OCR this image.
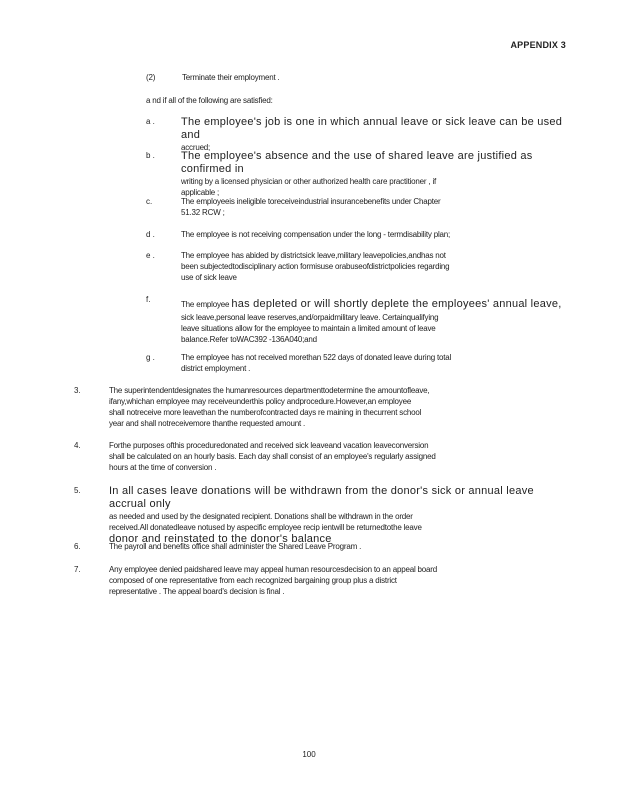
APPENDIX 3
(2)	Terminate their employment .
a nd if all of the following are satisfied:
a .	The employee's job is one in which annual leave or sick leave can be used and
accrued;
b .	The employee's absence and the use of shared leave are justified as confirmed in
writing by a licensed physician or other authorized health care practitioner , if
applicable ;
c.	The employeeis ineligible toreceiveindustrial insurancebenefits under Chapter
51.32 RCW ;
d .	The employee is not receiving compensation under the long - termdisability plan;
e .	The employee has abided by districtsick leave,military leavepolicies,andhas not
been subjectedtodisciplinary action formisuse orabuseofdistrictpolicies regarding
use of sick leave
f.
The employee has depleted or will shortly deplete the employees' annual leave,
sick leave,personal leave reserves,and/orpaidmilitary leave. Certainqualifying
leave situations allow for the employee to maintain a limited amount of leave
balance.Refer toWAC392 -136A040;and
g .	The employee has not received morethan 522 days of donated leave during total
district employment .
3.	The superintendentdesignates the humanresources departmenttodetermine the amountofleave,
ifany,whichan employee may receiveunderthis policy andprocedure.However,an employee
shall notreceive more leavethan the numberofcontracted days re maining in thecurrent school
year and shall notreceivemore thanthe requested amount .
4.	Forthe purposes ofthis proceduredonated and received sick leaveand vacation leaveconversion
shall be calculated on an hourly basis. Each day shall consist of an employee's regularly assigned
hours at the time of conversion .
5.	In all cases leave donations will be withdrawn from the donor's sick or annual leave accrual only
as needed and used by the designated recipient. Donations shall be withdrawn in the order
received.All donatedleave notused by aspecific employee recip ientwill be returnedtothe leave
donor and reinstated to the donor's balance
6.	The payroll and benefits office shall administer the Shared Leave Program .
7.	Any employee denied paidshared leave may appeal human resourcesdecision to an appeal board
composed of one representative from each recognized bargaining group plus a district
representative . The appeal board's decision is final .
100
